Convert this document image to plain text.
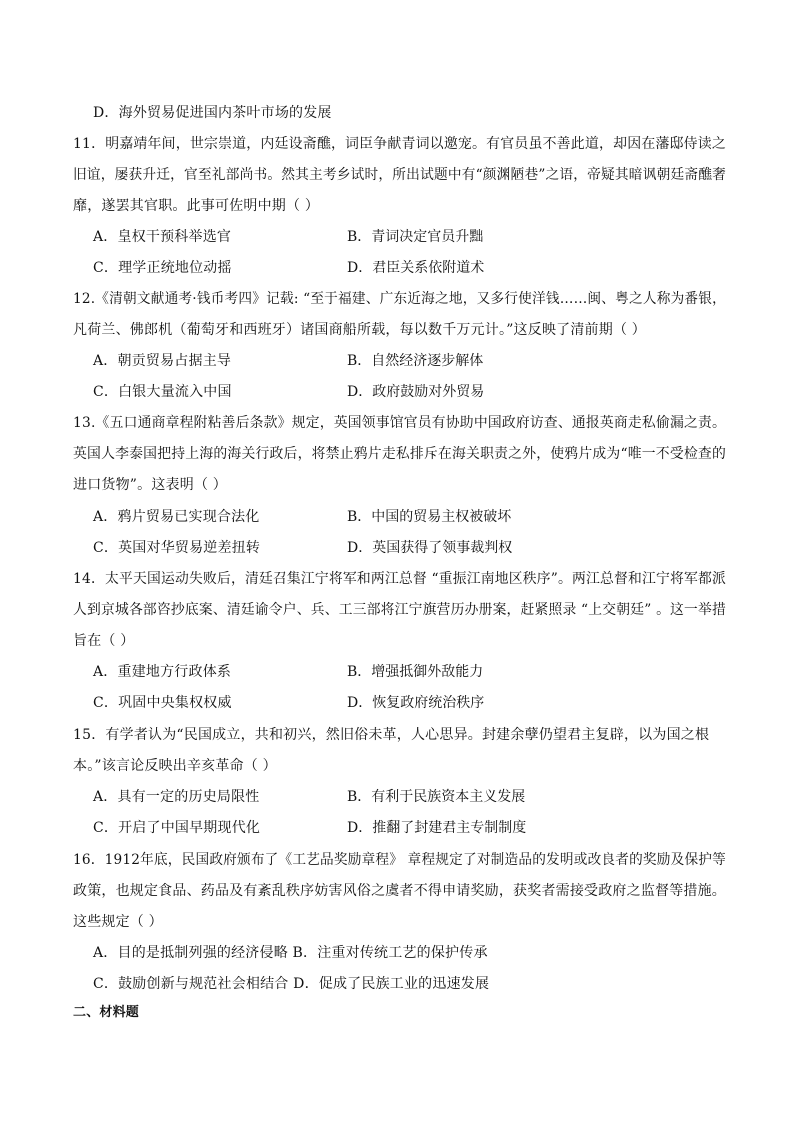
D．海外贸易促进国内茶叶市场的发展
11．明嘉靖年间，世宗崇道，内廷设斋醮，词臣争献青词以邀宠。有官员虽不善此道，却因在藩邸侍读之
旧谊，屡获升迁，官至礼部尚书。然其主考乡试时，所出试题中有“颜渊陋巷”之语，帝疑其暗讽朝廷斋醮奢
靡，遂罢其官职。此事可佐明中期（ ）
A．皇权干预科举选官	B．青词决定官员升黜
C．理学正统地位动摇	D．君臣关系依附道术
12.《清朝文献通考·钱币考四》记载: “至于福建、广东近海之地，又多行使洋钱……闽、粤之人称为番银，
凡荷兰、佛郎机（葡萄牙和西班牙）诸国商船所载，每以数千万元计。”这反映了清前期（ ）
A．朝贡贸易占据主导	B．自然经济逐步解体
C．白银大量流入中国	D．政府鼓励对外贸易
13.《五口通商章程附粘善后条款》规定，英国领事馆官员有协助中国政府访查、通报英商走私偷漏之责。
英国人李泰国把持上海的海关行政后，将禁止鸦片走私排斥在海关职责之外，使鸦片成为“唯一不受检查的
进口货物”。这表明（ ）
A．鸦片贸易已实现合法化	B．中国的贸易主权被破坏
C．英国对华贸易逆差扭转	D．英国获得了领事裁判权
14．太平天国运动失败后，清廷召集江宁将军和两江总督 “重振江南地区秩序”。两江总督和江宁将军都派
人到京城各部咨抄底案、清廷谕令户、兵、工三部将江宁旗营历办册案，赶紧照录 “上交朝廷” 。这一举措
旨在（ ）
A．重建地方行政体系	B．增强抵御外敌能力
C．巩固中央集权权威	D．恢复政府统治秩序
15．有学者认为“民国成立，共和初兴，然旧俗未革，人心思异。封建余孽仍望君主复辟，以为国之根
本。”该言论反映出辛亥革命（ ）
A．具有一定的历史局限性	B．有利于民族资本主义发展
C．开启了中国早期现代化	D．推翻了封建君主专制制度
16．1912年底，民国政府颁布了《工艺品奖励章程》 章程规定了对制造品的发明或改良者的奖励及保护等
政策，也规定食品、药品及有紊乱秩序妨害风俗之虞者不得申请奖励，获奖者需接受政府之监督等措施。
这些规定（ ）
A．目的是抵制列强的经济侵略 B．注重对传统工艺的保护传承
C．鼓励创新与规范社会相结合 D．促成了民族工业的迅速发展
二、材料题
